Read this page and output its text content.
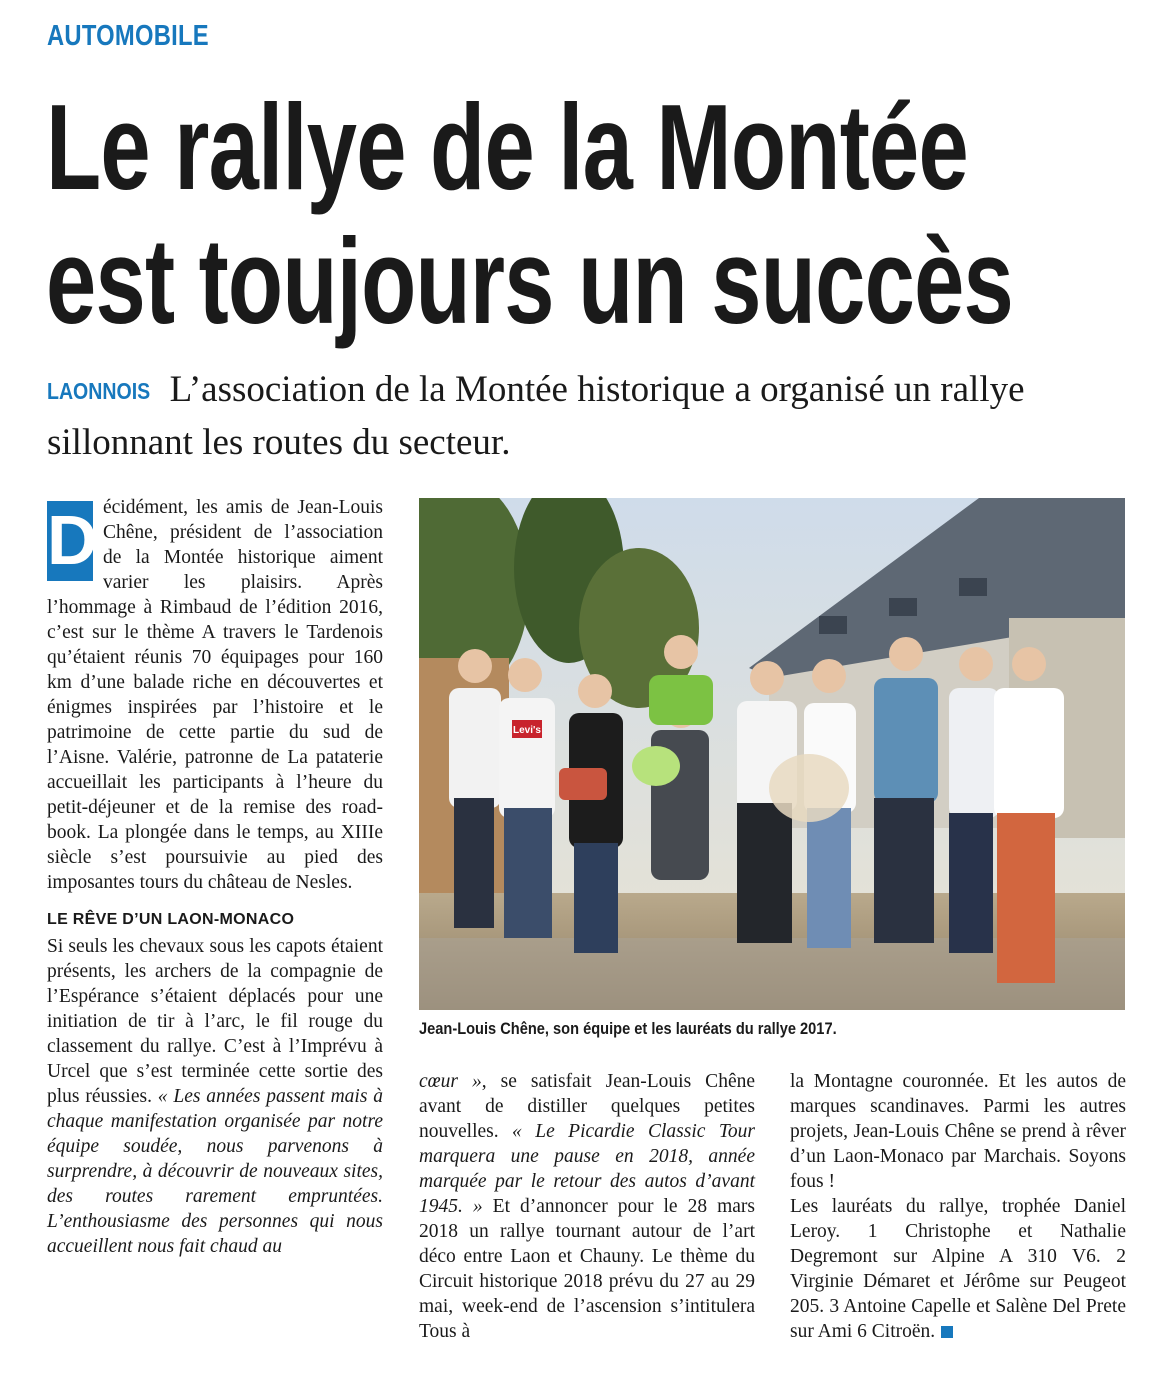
AUTOMOBILE
Le rallye de la Montée
est toujours un succès
LAONNOIS L’association de la Montée historique a organisé un rallye sillonnant les routes du secteur.
D écidément, les amis de Jean-Louis Chêne, président de l’association de la Montée historique aiment varier les plaisirs. Après l’hommage à Rimbaud de l’édition 2016, c’est sur le thème A travers le Tardenois qu’étaient réunis 70 équipages pour 160 km d’une balade riche en découvertes et énigmes inspirées par l’histoire et le patrimoine de cette partie du sud de l’Aisne. Valérie, patronne de La pataterie accueillait les participants à l’heure du petit-déjeuner et de la remise des road-book. La plongée dans le temps, au XIIIe siècle s’est poursuivie au pied des imposantes tours du château de Nesles.

LE RÊVE D’UN LAON-MONACO

Si seuls les chevaux sous les capots étaient présents, les archers de la compagnie de l’Espérance s’étaient déplacés pour une initiation de tir à l’arc, le fil rouge du classement du rallye. C’est à l’Imprévu à Urcel que s’est terminée cette sortie des plus réussies. « Les années passent mais à chaque manifestation organisée par notre équipe soudée, nous parvenons à surprendre, à découvrir de nouveaux sites, des routes rarement empruntées. L’enthousiasme des personnes qui nous accueillent nous fait chaud au

Levi's
Jean-Louis Chêne, son équipe et les lauréats du rallye 2017.

cœur », se satisfait Jean-Louis Chêne avant de distiller quelques petites nouvelles. « Le Picardie Classic Tour marquera une pause en 2018, année marquée par le retour des autos d’avant 1945. » Et d’annoncer pour le 28 mars 2018 un rallye tournant autour de l’art déco entre Laon et Chauny. Le thème du Circuit historique 2018 prévu du 27 au 29 mai, week-end de l’ascension s’intitulera Tous à

la Montagne couronnée. Et les autos de marques scandinaves. Parmi les autres projets, Jean-Louis Chêne se prend à rêver d’un Laon-Monaco par Marchais. Soyons fous !

Les lauréats du rallye, trophée Daniel Leroy. 1 Christophe et Nathalie Degremont sur Alpine A 310 V6. 2 Virginie Démaret et Jérôme sur Peugeot 205. 3 Antoine Capelle et Salène Del Prete sur Ami 6 Citroën.
